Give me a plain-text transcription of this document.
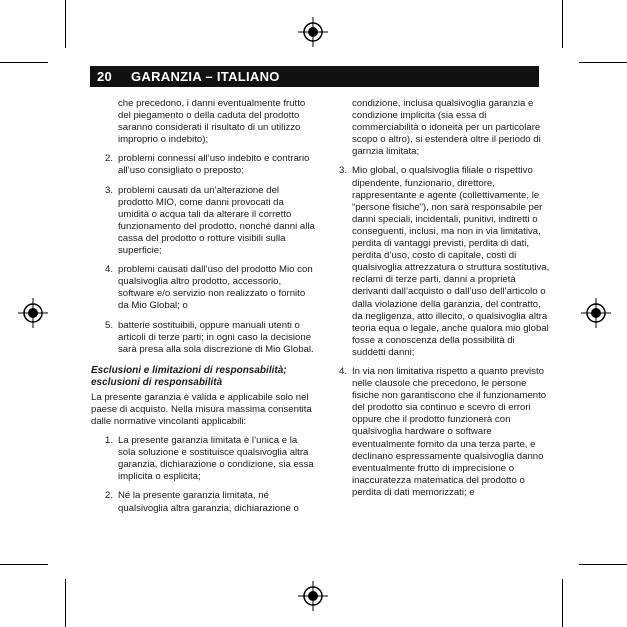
20	GARANZIA – ITALIANO
che precedono, i danni eventualmente frutto del piegamento o della caduta del prodotto saranno considerati il risultato di un utilizzo improprio o indebito);
2. problemi connessi all’uso indebito e contrario all’uso consigliato o preposto;
3. problemi causati da un’alterazione del prodotto MIO, come danni provocati da umidità o acqua tali da alterare il corretto funzionamento del prodotto, nonché danni alla cassa del prodotto o rotture visibili sulla superficie;
4. problemi causati dall’uso del prodotto Mio con qualsivoglia altro prodotto, accessorio, software e/o servizio non realizzato o fornito da Mio Global; o
5. batterie sostituibili, oppure manuali utenti o articoli di terze parti; in ogni caso la decisione sarà presa alla sola discrezione di Mio Global.
Esclusioni e limitazioni di responsabilità; esclusioni di responsabilità
La presente garanzia è valida e applicabile solo nel paese di acquisto. Nella misura massima consentita dalle normative vincolanti applicabili:
1. La presente garanzia limitata è l’unica e la sola soluzione e sostituisce qualsivoglia altra garanzia, dichiarazione o condizione, sia essa implicita o esplicita;
2. Né la presente garanzia limitata, né qualsivoglia altra garanzia, dichiarazione o
condizione, inclusa qualsivoglia garanzia e condizione implicita (sia essa di commerciabilità o idoneità per un particolare scopo o altro), si estenderà oltre il periodo di garnzia limitata;
3. Mio global, o qualsivoglia filiale o rispettivo dipendente, funzionario, direttore, rappresentante e agente (collettivamente, le “persone fisiche”), non sarà responsabile per danni speciali, incidentali, punitivi, indiretti o conseguenti, inclusi, ma non in via limitativa, perdita di vantaggi previsti, perdita di dati, perdita d’uso, costo di capitale, costi di qualsivoglia attrezzatura o struttura sostitutiva, reclami di terze parti, danni a proprietà derivanti dall’acquisto o dall’uso dell’articolo o dalla violazione della garanzia, del contratto, da negligenza, atto illecito, o qualsivoglia altra teoria equa o legale, anche qualora mio global fosse a conoscenza della possibilità di suddetti danni;
4. In via non limitativa rispetto a quanto previsto nelle clausole che precedono, le persone fisiche non garantiscono che il funzionamento del prodotto sia continuo e scevro di errori oppure che il prodotto funzionerà con qualsivoglia hardware o software eventualmente fornito da una terza parte, e declinano espressamente qualsivoglia danno eventualmente frutto di imprecisione o inaccuratezza matematica del prodotto o perdita di dati memorizzati; e
